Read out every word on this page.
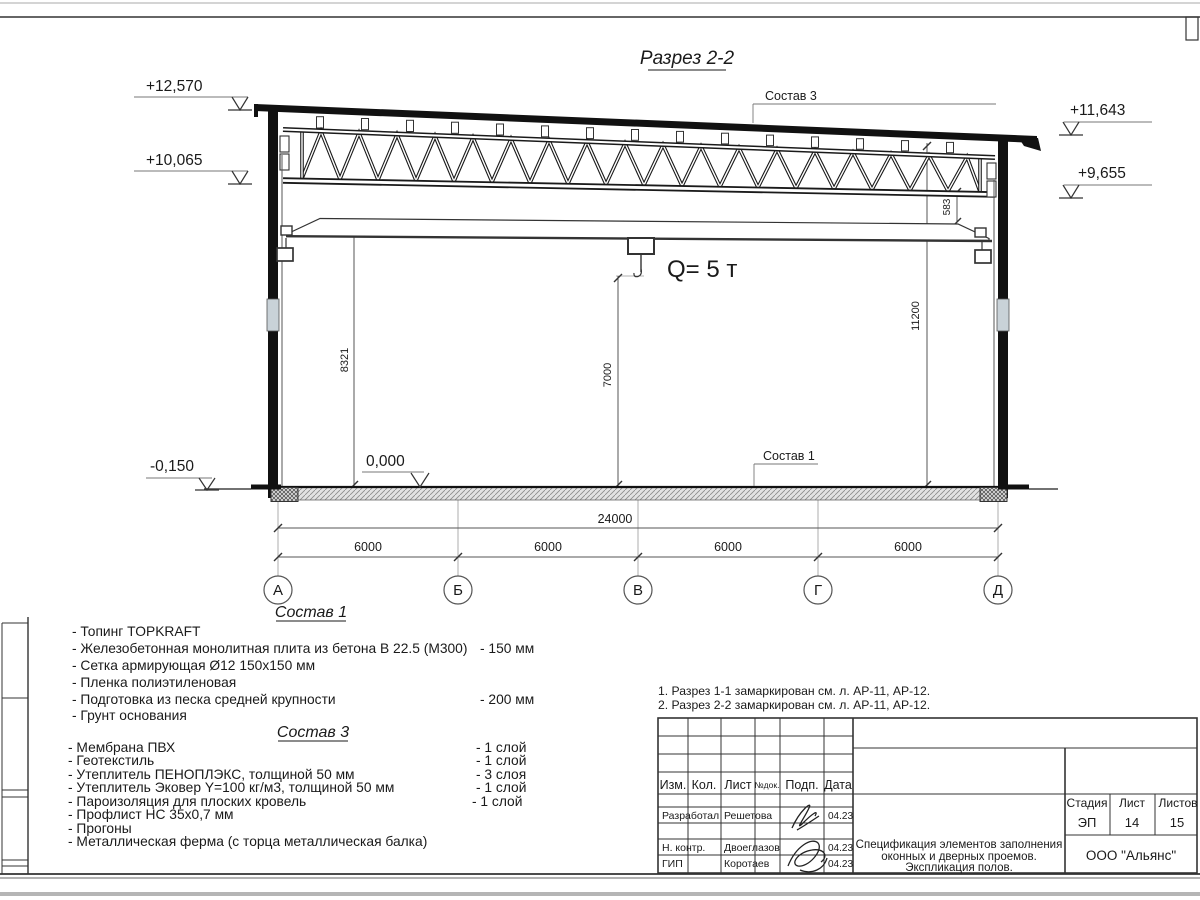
Разрез 2-2
8321
7000
11200
583
Q= 5 т
+12,570
+10,065
+11,643
+9,655
-0,150	0,000
Состав 3
Состав 1
24000
6000	6000	6000	6000
А	Б	В	Г	Д
Состав 1
- Топинг TOPKRAFT
- Железобетонная монолитная плита из бетона В 22.5 (М300) - 150 мм
- Сетка армирующая Ø12 150х150 мм
- Пленка полиэтиленовая
- Подготовка из песка средней крупности	- 200 мм
- Грунт основания
Состав 3
- Мембрана ПВХ	- 1 слой
- Геотекстиль	- 1 слой
- Утеплитель ПЕНОПЛЭКС, толщиной 50 мм	- 3 слоя
- Утеплитель Эковер Y=100 кг/м3, толщиной 50 мм	- 1 слой
- Пароизоляция для плоских кровель	- 1 слой
- Профлист НС 35х0,7 мм
- Прогоны
- Металлическая ферма (с торца металлическая балка)
1. Разрез 1-1 замаркирован см. л. АР-11, АР-12.
2. Разрез 2-2 замаркирован см. л. АР-11, АР-12.
Изм. Кол. Лист №док. Подп. Дата
Разработал Решетова	04.23
Н. контр. Двоеглазов	04.23
ГИП	Коротаев	04.23
Спецификация элементов заполнения
оконных и дверных проемов.
Экспликация полов.
Стадия Лист Листов
ЭП 14 15
ООО "Альянс"
